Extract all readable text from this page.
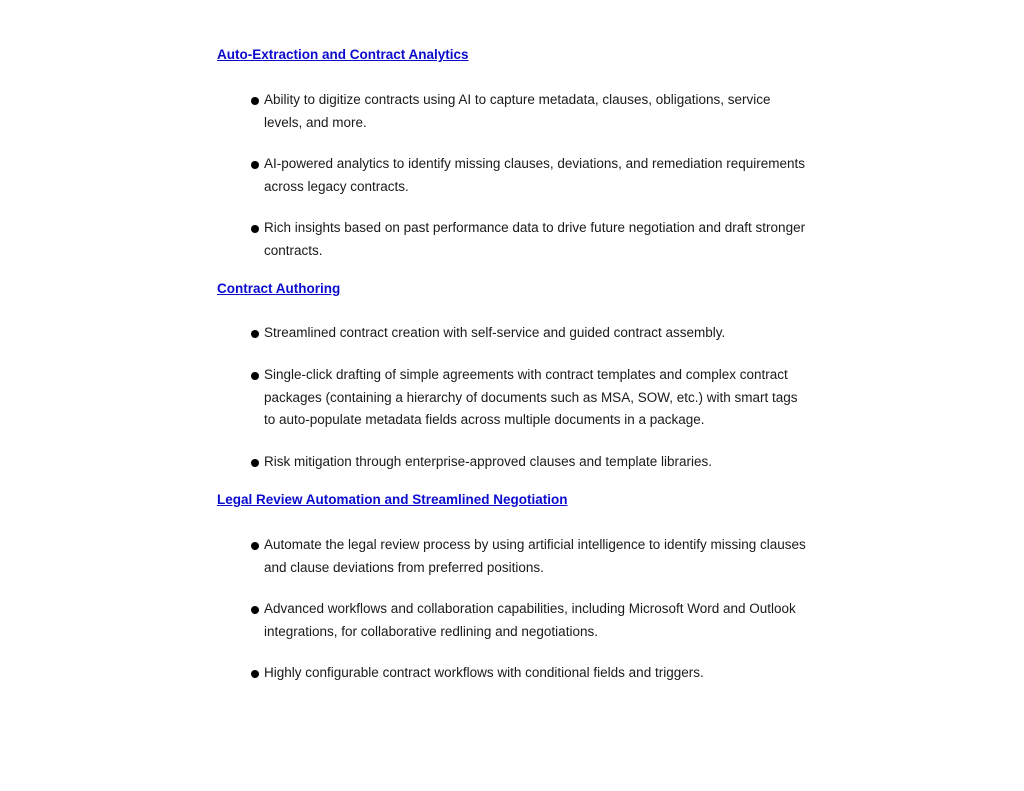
Auto-Extraction and Contract Analytics
Ability to digitize contracts using AI to capture metadata, clauses, obligations, service levels, and more.
AI-powered analytics to identify missing clauses, deviations, and remediation requirements across legacy contracts.
Rich insights based on past performance data to drive future negotiation and draft stronger contracts.
Contract Authoring
Streamlined contract creation with self-service and guided contract assembly.
Single-click drafting of simple agreements with contract templates and complex contract packages (containing a hierarchy of documents such as MSA, SOW, etc.) with smart tags to auto-populate metadata fields across multiple documents in a package.
Risk mitigation through enterprise-approved clauses and template libraries.
Legal Review Automation and Streamlined Negotiation
Automate the legal review process by using artificial intelligence to identify missing clauses and clause deviations from preferred positions.
Advanced workflows and collaboration capabilities, including Microsoft Word and Outlook integrations, for collaborative redlining and negotiations.
Highly configurable contract workflows with conditional fields and triggers.
